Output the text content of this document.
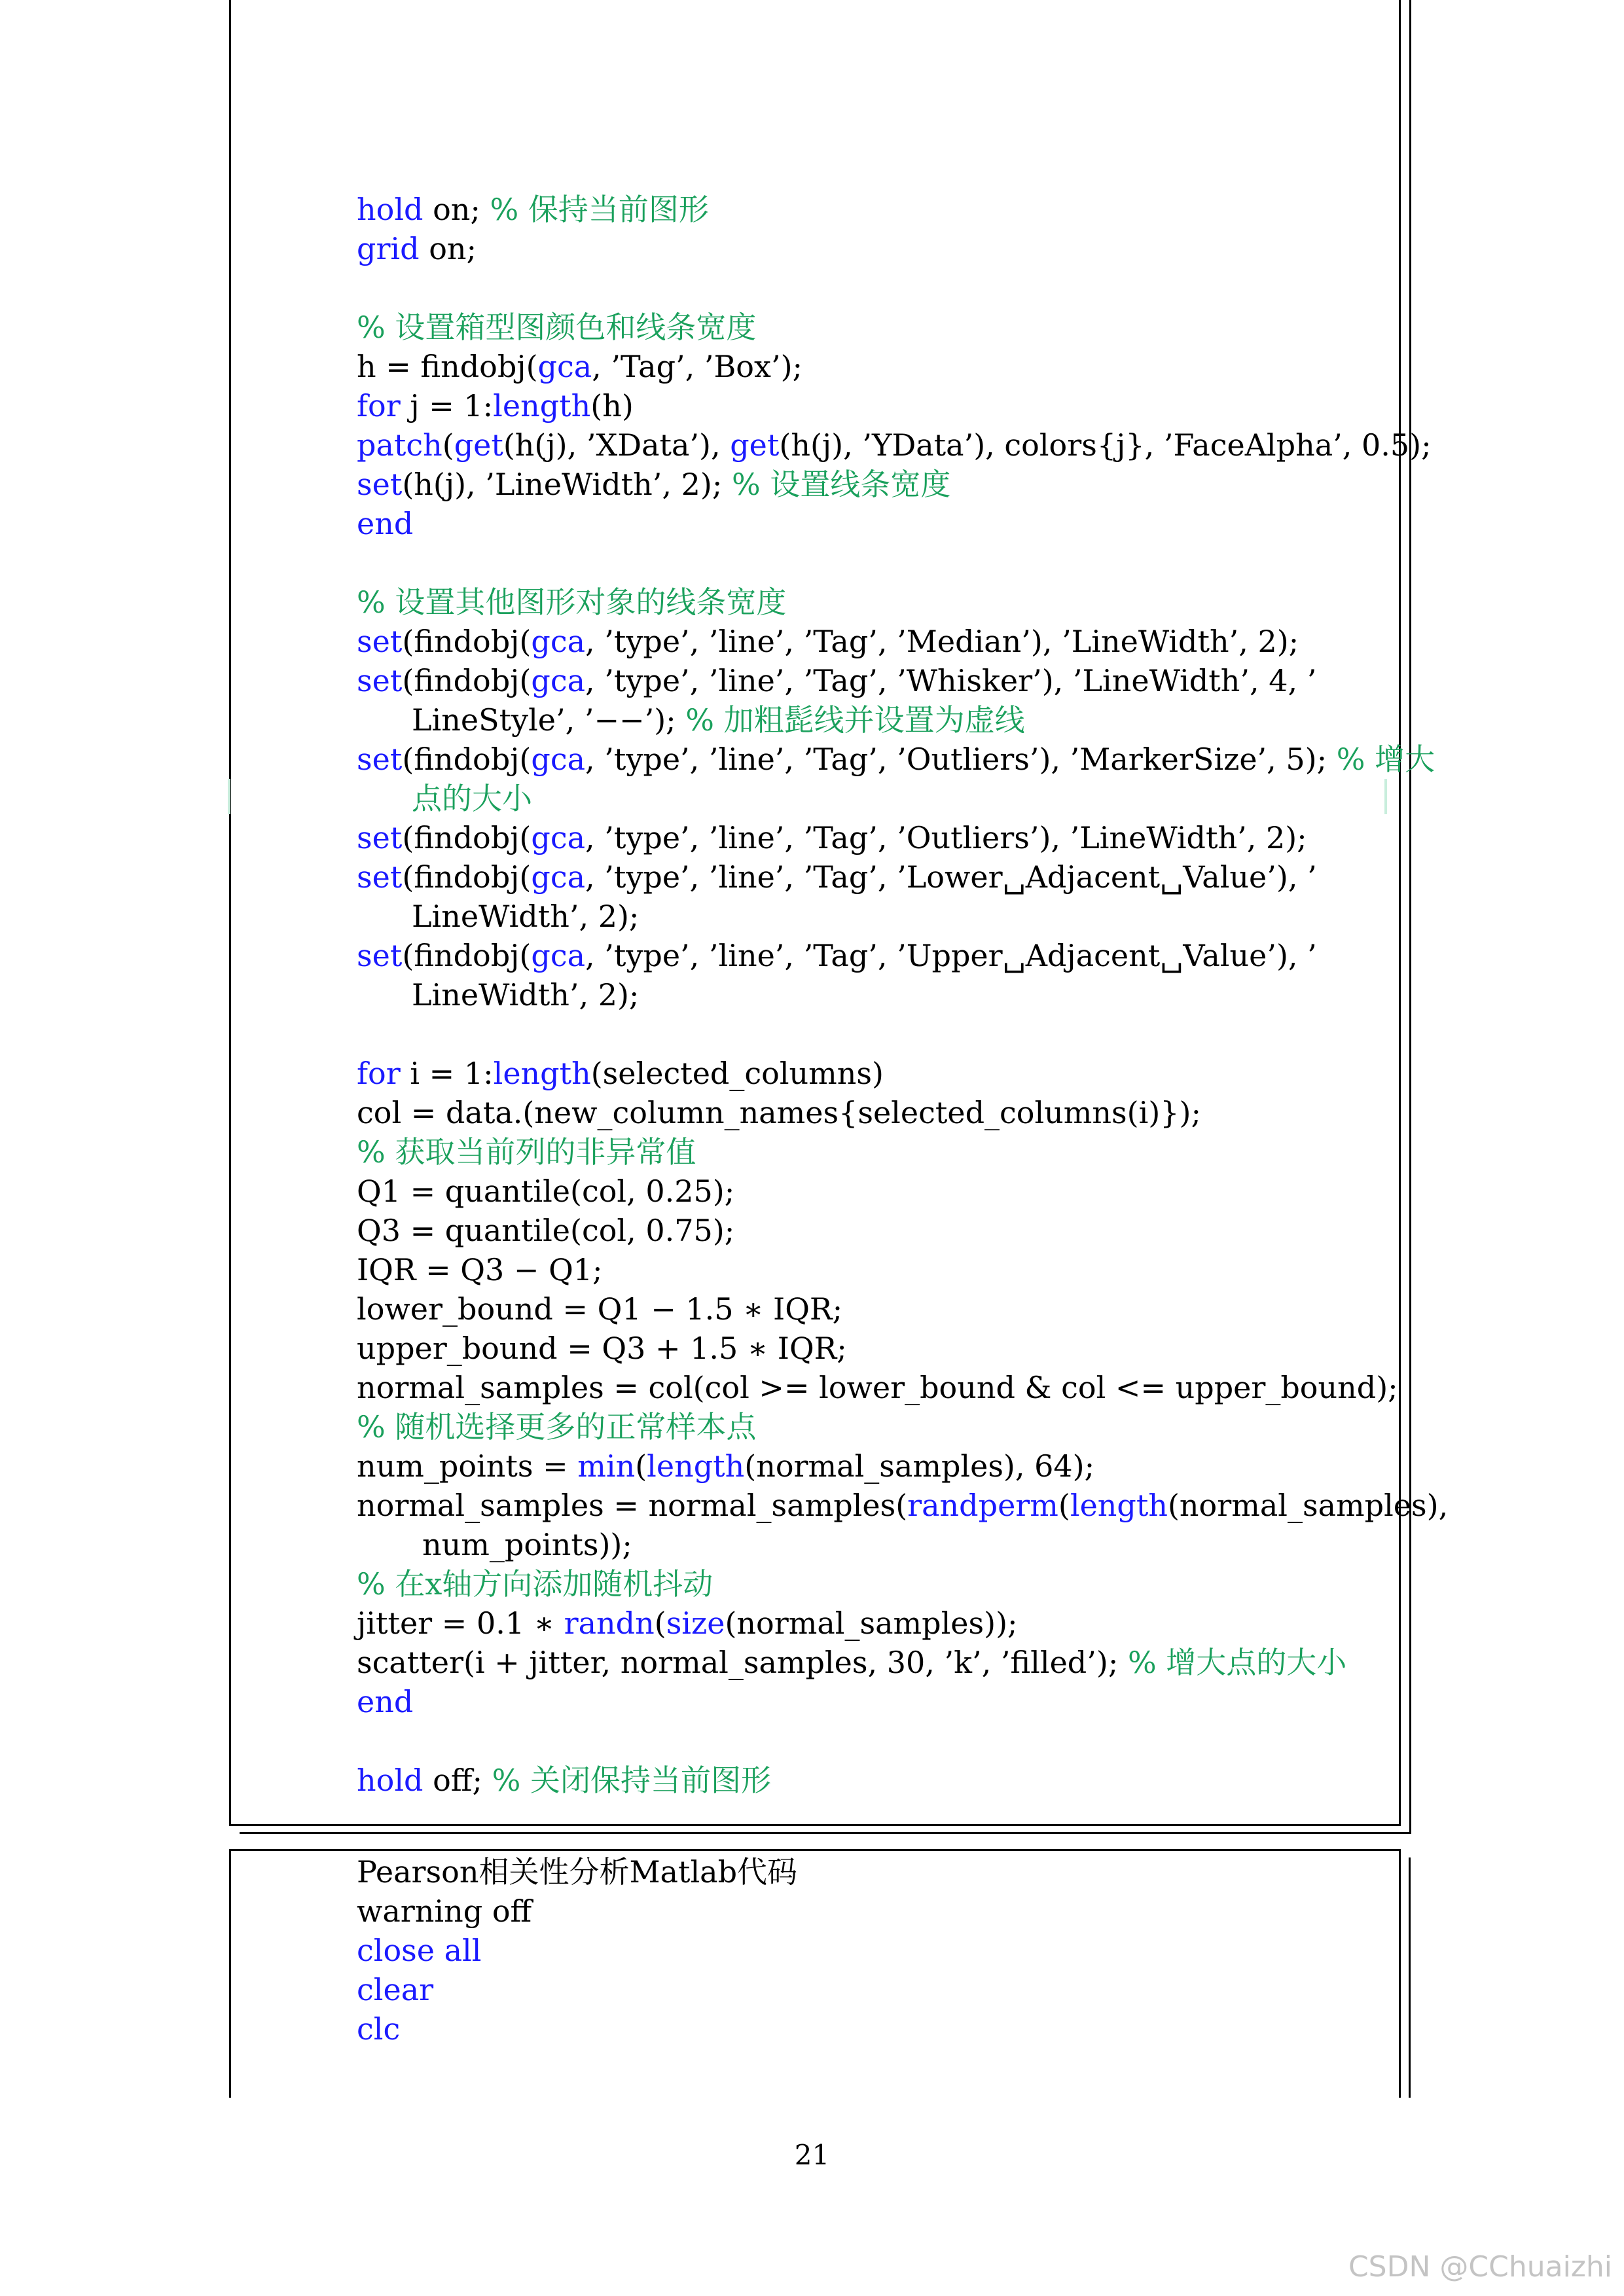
hold on; % 保持当前图形
grid on;

% 设置箱型图颜色和线条宽度
h = findobj(gca, ’Tag’, ’Box’);
for j = 1:length(h)
patch(get(h(j), ’XData’), get(h(j), ’YData’), colors{j}, ’FaceAlpha’, 0.5);
set(h(j), ’LineWidth’, 2); % 设置线条宽度
end

% 设置其他图形对象的线条宽度
set(findobj(gca, ’type’, ’line’, ’Tag’, ’Median’), ’LineWidth’, 2);
set(findobj(gca, ’type’, ’line’, ’Tag’, ’Whisker’), ’LineWidth’, 4, ’
LineStyle’, ’−−’); % 加粗髭线并设置为虚线
set(findobj(gca, ’type’, ’line’, ’Tag’, ’Outliers’), ’MarkerSize’, 5); % 增大
点的大小
set(findobj(gca, ’type’, ’line’, ’Tag’, ’Outliers’), ’LineWidth’, 2);
set(findobj(gca, ’type’, ’line’, ’Tag’, ’Lower␣Adjacent␣Value’), ’
LineWidth’, 2);
set(findobj(gca, ’type’, ’line’, ’Tag’, ’Upper␣Adjacent␣Value’), ’
LineWidth’, 2);

for i = 1:length(selected_columns)
col = data.(new_column_names{selected_columns(i)});
% 获取当前列的非异常值
Q1 = quantile(col, 0.25);
Q3 = quantile(col, 0.75);
IQR = Q3 − Q1;
lower_bound = Q1 − 1.5 ∗ IQR;
upper_bound = Q3 + 1.5 ∗ IQR;
normal_samples = col(col >= lower_bound & col <= upper_bound);
% 随机选择更多的正常样本点
num_points = min(length(normal_samples), 64);
normal_samples = normal_samples(randperm(length(normal_samples),
num_points));
% 在x轴方向添加随机抖动
jitter = 0.1 ∗ randn(size(normal_samples));
scatter(i + jitter, normal_samples, 30, ’k’, ’filled’); % 增大点的大小
end

hold off; % 关闭保持当前图形
Pearson相关性分析Matlab代码
warning off
close all
clear
clc
21
CSDN @CChuaizhi
